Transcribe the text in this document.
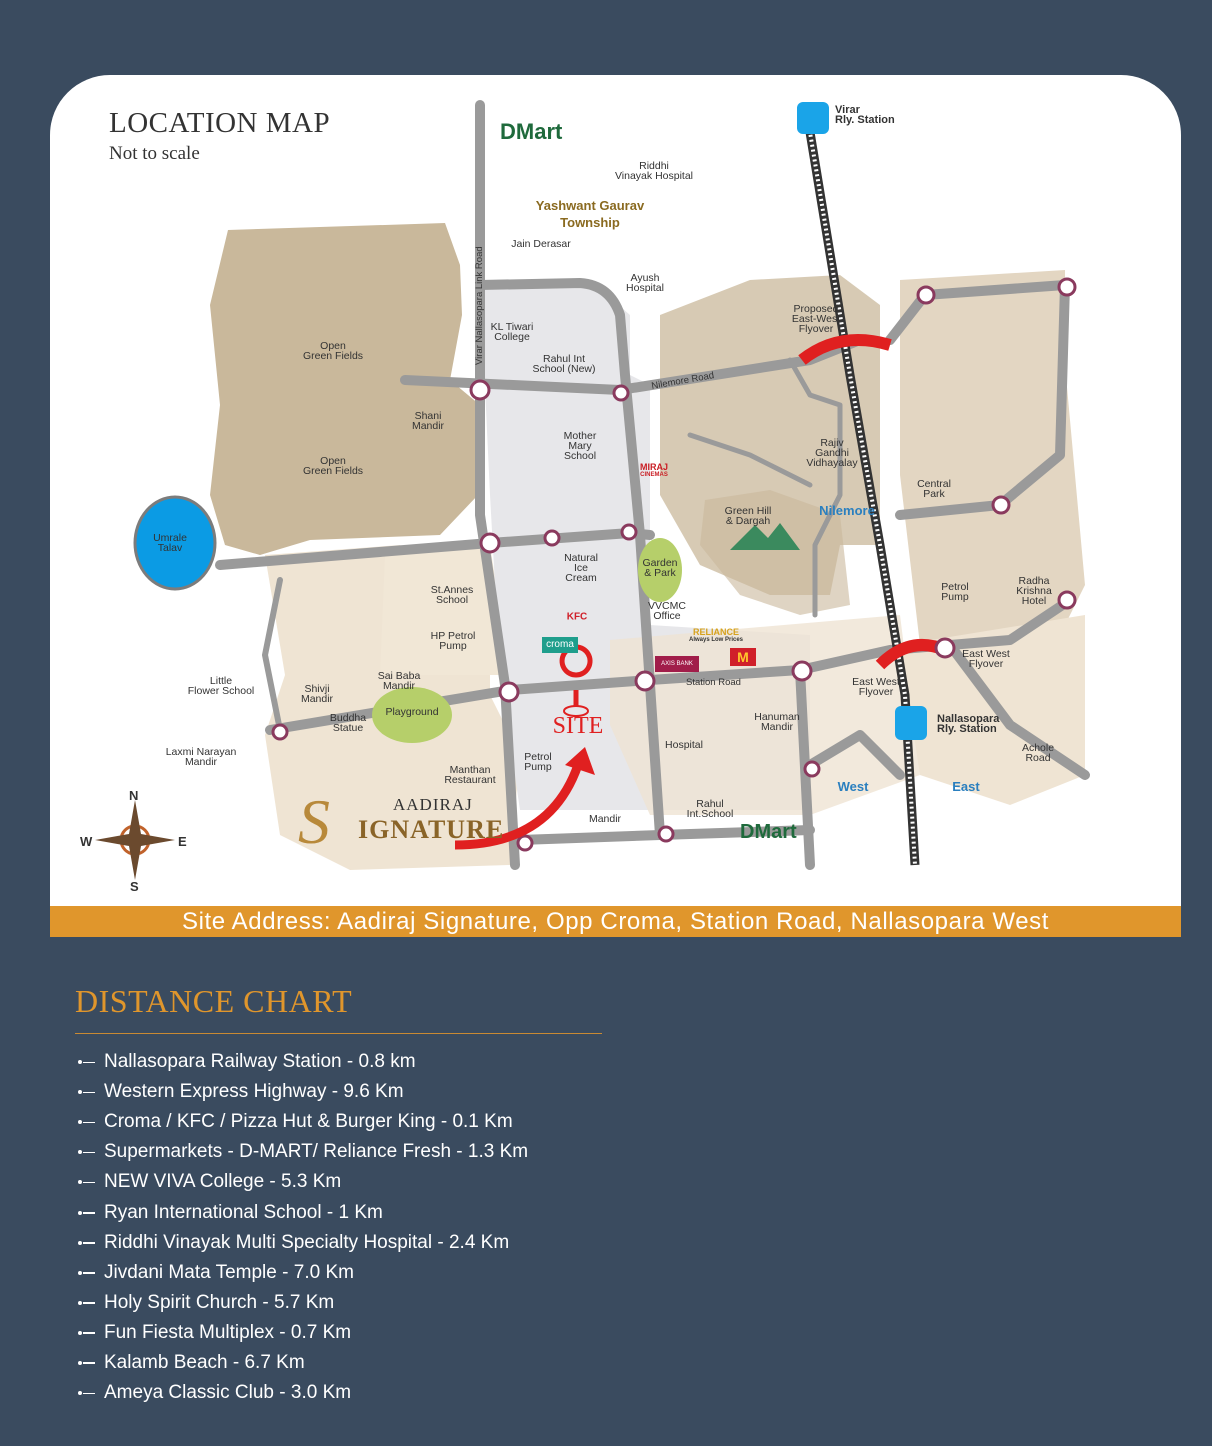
Virar Nallasopara Link Road
Nilemore Road
Station Road
LOCATION MAP
Not to scale
DMart
DMart
Open
Green Fields
Open
Green Fields
Umrale
Talav
Shani
Mandir
KL Tiwari
College
Rahul Int
School (New)
Mother
Mary
School
Riddhi
Vinayak Hospital
Yashwant Gaurav
Township
Jain Derasar
Ayush
Hospital
Proposed
East-West
Flyover
Rajiv
Gandhi
Vidhayalay
Green Hill
& Dargah
Nilemore
Central
Park
Petrol
Pump
Radha
Krishna
Hotel
Natural
Ice
Cream
Garden
& Park
VVCMC
Office
St.Annes
School
HP Petrol
Pump
Little
Flower School	Shivji
Mandir
Sai Baba
Mandir
Buddha
Statue
Playground
Laxmi Narayan
Mandir
Manthan
Restaurant
Petrol
Pump
SITE
Hospital
Hanuman
Mandir
Rahul
Int.School
Mandir
East West
Flyover
East West
Flyover
Achole
Road
West	East
Virar
Rly. Station
Nallasopara
Rly. Station
KFC
croma
MIRAJ
CINEMAS
RELIANCE
Always Low Prices
AXIS BANK	M
AADIRAJ
S IGNATURE
N
S
E
W
Site Address: Aadiraj Signature, Opp Croma, Station Road, Nallasopara West
DISTANCE CHART
Nallasopara Railway Station - 0.8 km
Western Express Highway - 9.6 Km
Croma / KFC / Pizza Hut & Burger King - 0.1 Km
Supermarkets - D-MART/ Reliance Fresh - 1.3 Km
NEW VIVA College - 5.3 Km
Ryan International School - 1 Km
Riddhi Vinayak Multi Specialty Hospital - 2.4 Km
Jivdani Mata Temple - 7.0 Km
Holy Spirit Church - 5.7 Km
Fun Fiesta Multiplex - 0.7 Km
Kalamb Beach - 6.7 Km
Ameya Classic Club - 3.0 Km
